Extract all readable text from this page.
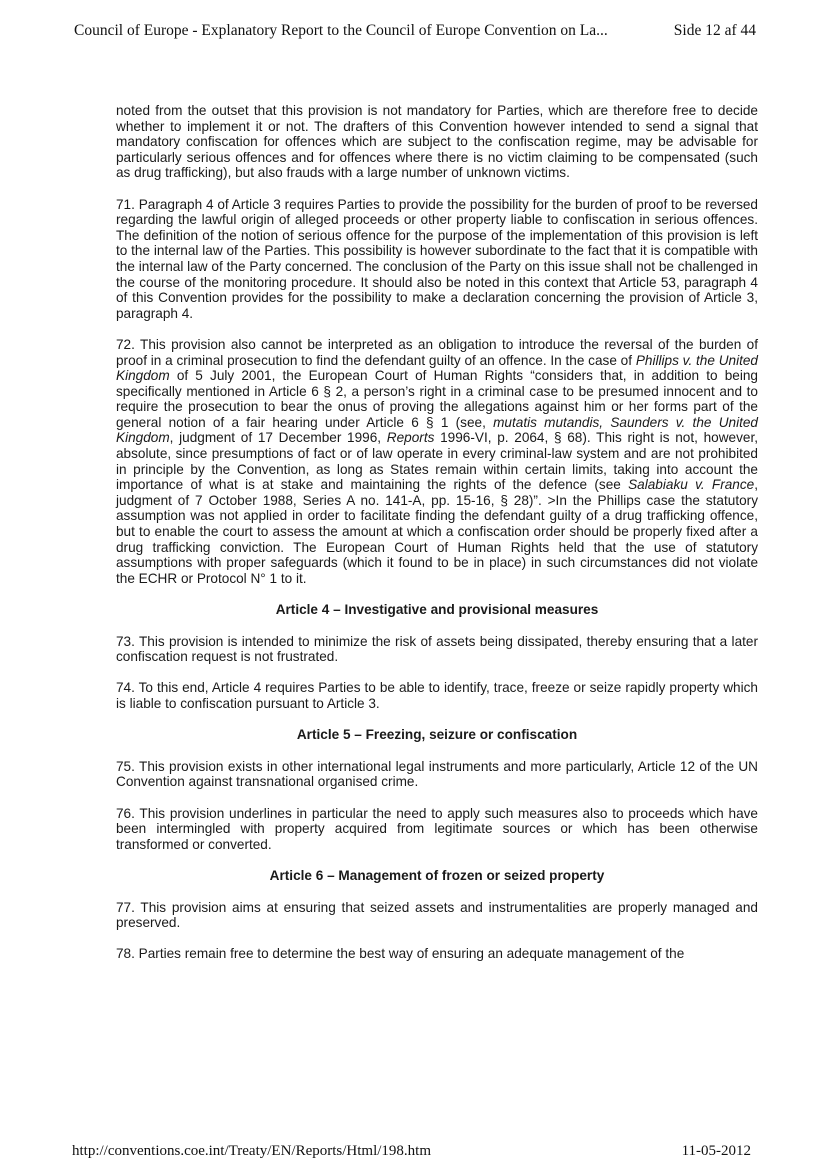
Council of Europe - Explanatory Report to the Council of Europe Convention on La...	Side 12 af 44

noted from the outset that this provision is not mandatory for Parties, which are therefore free to decide whether to implement it or not. The drafters of this Convention however intended to send a signal that mandatory confiscation for offences which are subject to the confiscation regime, may be advisable for particularly serious offences and for offences where there is no victim claiming to be compensated (such as drug trafficking), but also frauds with a large number of unknown victims.

71. Paragraph 4 of Article 3 requires Parties to provide the possibility for the burden of proof to be reversed regarding the lawful origin of alleged proceeds or other property liable to confiscation in serious offences. The definition of the notion of serious offence for the purpose of the implementation of this provision is left to the internal law of the Parties. This possibility is however subordinate to the fact that it is compatible with the internal law of the Party concerned. The conclusion of the Party on this issue shall not be challenged in the course of the monitoring procedure. It should also be noted in this context that Article 53, paragraph 4 of this Convention provides for the possibility to make a declaration concerning the provision of Article 3, paragraph 4.

72. This provision also cannot be interpreted as an obligation to introduce the reversal of the burden of proof in a criminal prosecution to find the defendant guilty of an offence. In the case of Phillips v. the United Kingdom of 5 July 2001, the European Court of Human Rights “considers that, in addition to being specifically mentioned in Article 6 § 2, a person’s right in a criminal case to be presumed innocent and to require the prosecution to bear the onus of proving the allegations against him or her forms part of the general notion of a fair hearing under Article 6 § 1 (see, mutatis mutandis, Saunders v. the United Kingdom, judgment of 17 December 1996, Reports 1996-VI, p. 2064, § 68). This right is not, however, absolute, since presumptions of fact or of law operate in every criminal-law system and are not prohibited in principle by the Convention, as long as States remain within certain limits, taking into account the importance of what is at stake and maintaining the rights of the defence (see Salabiaku v. France, judgment of 7 October 1988, Series A no. 141-A, pp. 15-16, § 28)”. >In the Phillips case the statutory assumption was not applied in order to facilitate finding the defendant guilty of a drug trafficking offence, but to enable the court to assess the amount at which a confiscation order should be properly fixed after a drug trafficking conviction. The European Court of Human Rights held that the use of statutory assumptions with proper safeguards (which it found to be in place) in such circumstances did not violate the ECHR or Protocol N° 1 to it.

Article 4 – Investigative and provisional measures

73. This provision is intended to minimize the risk of assets being dissipated, thereby ensuring that a later confiscation request is not frustrated.

74. To this end, Article 4 requires Parties to be able to identify, trace, freeze or seize rapidly property which is liable to confiscation pursuant to Article 3.

Article 5 – Freezing, seizure or confiscation

75. This provision exists in other international legal instruments and more particularly, Article 12 of the UN Convention against transnational organised crime.

76. This provision underlines in particular the need to apply such measures also to proceeds which have been intermingled with property acquired from legitimate sources or which has been otherwise transformed or converted.

Article 6 – Management of frozen or seized property

77. This provision aims at ensuring that seized assets and instrumentalities are properly managed and preserved.

78. Parties remain free to determine the best way of ensuring an adequate management of the

http://conventions.coe.int/Treaty/EN/Reports/Html/198.htm	11-05-2012
